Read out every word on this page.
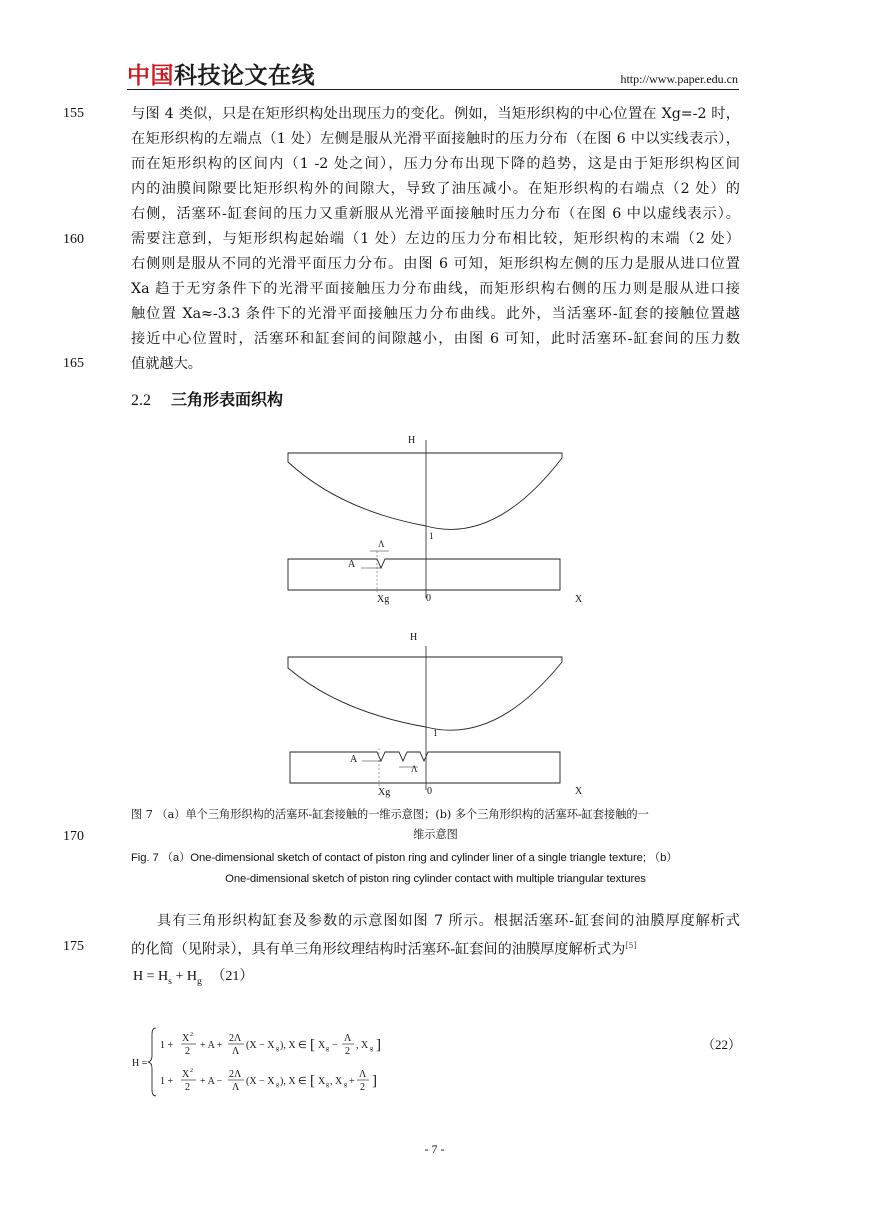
中国科技论文在线	http://www.paper.edu.cn
155
160
165
170
175
与图 4 类似，只是在矩形织构处出现压力的变化。例如，当矩形织构的中心位置在 Xg=-2 时，
在矩形织构的左端点（1 处）左侧是服从光滑平面接触时的压力分布（在图 6 中以实线表示），
而在矩形织构的区间内（1 -2 处之间），压力分布出现下降的趋势，这是由于矩形织构区间
内的油膜间隙要比矩形织构外的间隙大，导致了油压减小。在矩形织构的右端点（2 处）的
右侧，活塞环-缸套间的压力又重新服从光滑平面接触时压力分布（在图 6 中以虚线表示）。
需要注意到，与矩形织构起始端（1 处）左边的压力分布相比较，矩形织构的末端（2 处）
右侧则是服从不同的光滑平面压力分布。由图 6 可知，矩形织构左侧的压力是服从进口位置
Xa 趋于无穷条件下的光滑平面接触压力分布曲线，而矩形织构右侧的压力则是服从进口接
触位置 Xa≈-3.3 条件下的光滑平面接触压力分布曲线。此外，当活塞环-缸套的接触位置越
接近中心位置时，活塞环和缸套间的间隙越小，由图 6 可知，此时活塞环-缸套间的压力数
值就越大。
2.2 三角形表面织构
H
1
Λ
A
Xg	0	X
H
1
Λ
A
Xg	0	X
图 7 （a）单个三角形织构的活塞环-缸套接触的一维示意图；(b) 多个三角形织构的活塞环-缸套接触的一
维示意图
Fig. 7 （a）One-dimensional sketch of contact of piston ring and cylinder liner of a single triangle texture; （b）
One-dimensional sketch of piston ring cylinder contact with multiple triangular textures
具有三角形织构缸套及参数的示意图如图 7 所示。根据活塞环-缸套间的油膜厚度解析式
的化简（见附录），具有单三角形纹理结构时活塞环-缸套间的油膜厚度解析式为[5]
$H = H_s + H_g$ （21）
H =
1 +
X 2
2
+ A +
2Λ
Λ
(X − X g ), X ∈ [ X g −
Λ
2
, X g ]
1 +
X 2
2
+ A −
2Λ
Λ
(X − X g ), X ∈ [ X g , X g +
Λ
2 ]
（22）
- 7 -
